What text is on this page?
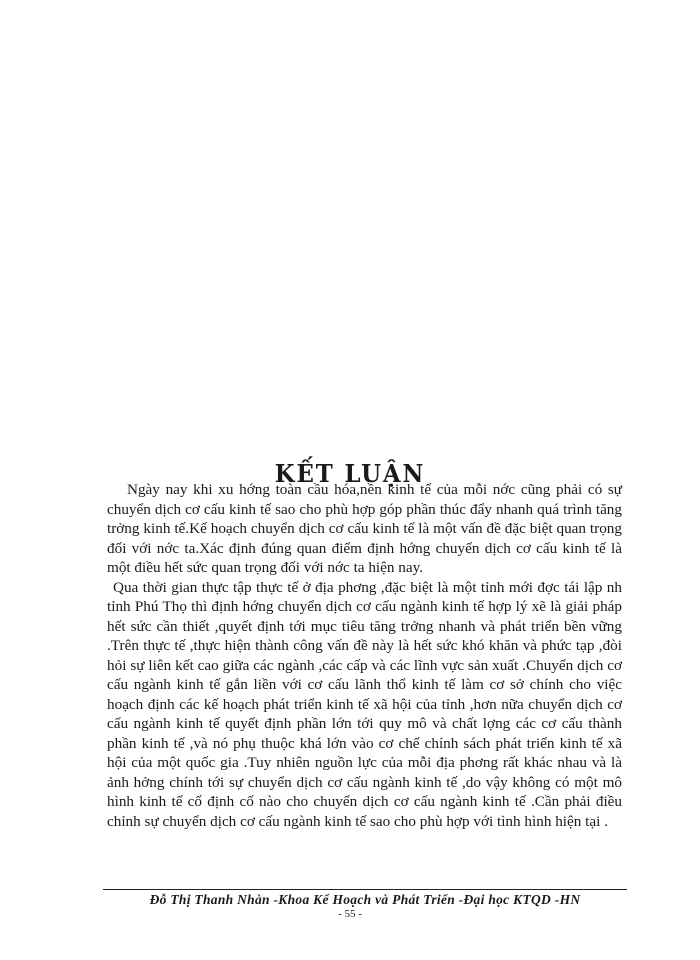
KẾT LUẬN

Ngày nay khi xu hớng toàn cầu hóa,nền kinh tế của mỗi nớc cũng phải có sự chuyển dịch cơ cấu kinh tế sao cho phù hợp góp phần thúc đẩy nhanh quá trình tăng trởng kinh tế.Kế hoạch chuyển dịch cơ cấu kinh tế là một vấn đề đặc biệt quan trọng đối với nớc ta.Xác định đúng quan điểm định hớng chuyển dịch cơ cấu kinh tế là một điều hết sức quan trọng đối với nớc ta hiện nay.

Qua thời gian thực tập thực tế ở địa phơng ,đặc biệt là một tỉnh mới đợc tái lập nh tỉnh Phú Thọ thì định hớng chuyển dịch cơ cấu ngành kinh tế hợp lý xẽ là giải pháp hết sức cần thiết ,quyết định tới mục tiêu tăng trởng nhanh và phát triển bền vững .Trên thực tế ,thực hiện thành công vấn đề này là hết sức khó khăn và phức tạp ,đòi hỏi sự liên kết cao giữa các ngành ,các cấp và các lĩnh vực sản xuất .Chuyển dịch cơ cấu ngành kinh tế gắn liền với cơ cấu lãnh thổ kinh tế làm cơ sở chính cho việc hoạch định các kế hoạch phát triển kinh tế xã hội của tỉnh ,hơn nữa chuyển dịch cơ cấu ngành kinh tế quyết định phần lớn tới quy mô và chất lợng các cơ cấu thành phần kinh tế ,và nó phụ thuộc khá lớn vào cơ chế chính sách phát triển kinh tế xã hội của một quốc gia .Tuy nhiên nguồn lực của mỗi địa phơng rất khác nhau và là ảnh hởng chính tới sự chuyển dịch cơ cấu ngành kinh tế ,do vậy không có một mô hình kinh tế cố định cố nào cho chuyển dịch cơ cấu ngành kinh tế .Cần phải điều chỉnh sự chuyển dịch cơ cấu ngành kinh tế sao cho phù hợp với tình hình hiện tại .

Đỗ Thị Thanh Nhàn -Khoa Kế Hoạch và Phát Triển -Đại học KTQD -HN
- 55 -
